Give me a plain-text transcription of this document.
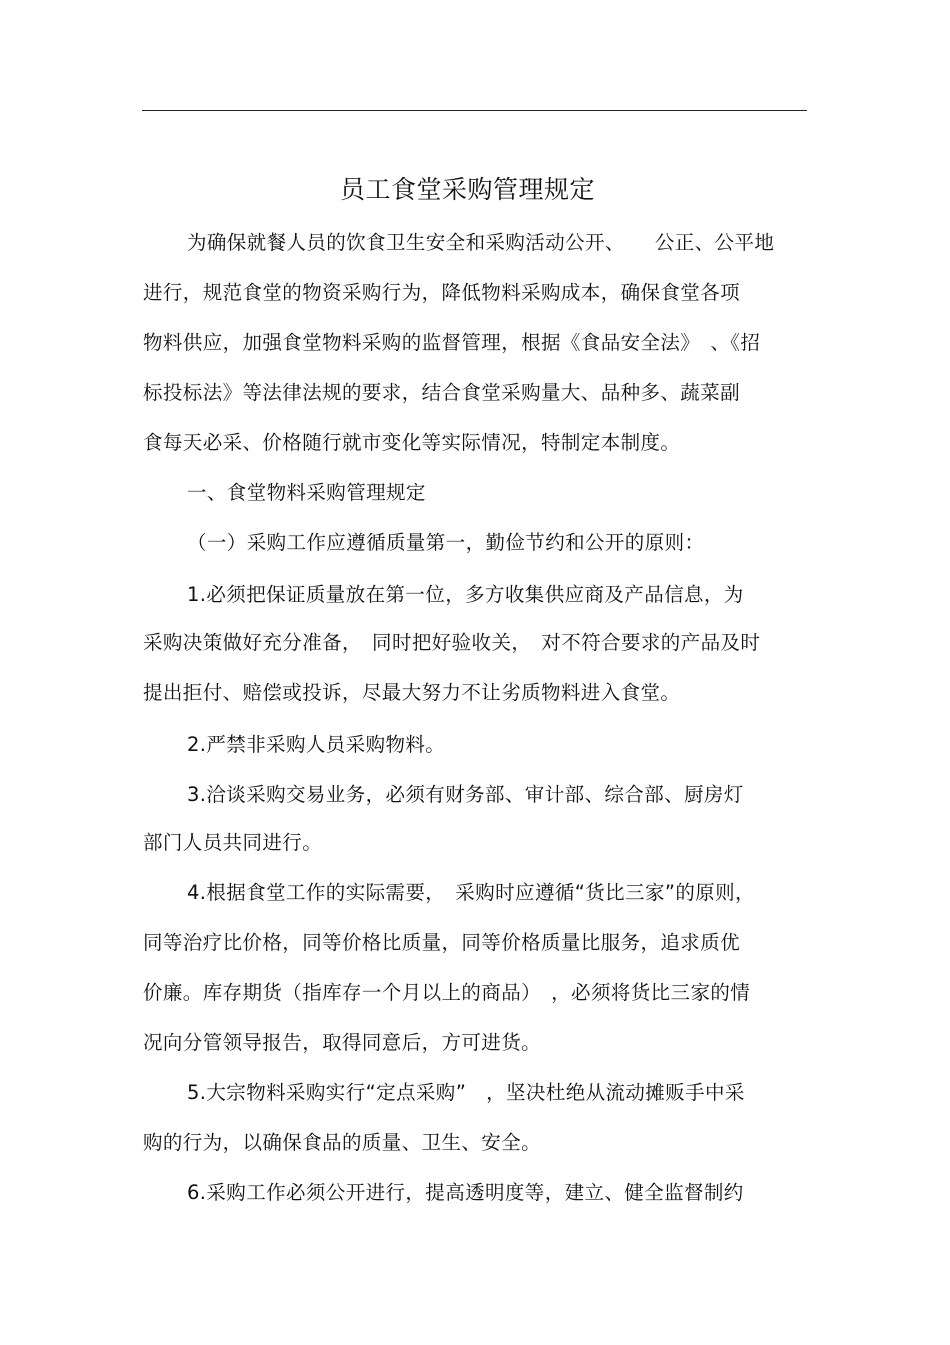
员工食堂采购管理规定
为确保就餐人员的饮食卫生安全和采购活动公开、　　公正、公平地
进行，规范食堂的物资采购行为，降低物料采购成本，确保食堂各项
物料供应，加强食堂物料采购的监督管理，根据《食品安全法》　、《招
标投标法》等法律法规的要求，结合食堂采购量大、品种多、蔬菜副
食每天必采、价格随行就市变化等实际情况，特制定本制度。
一、食堂物料采购管理规定
（一）采购工作应遵循质量第一，勤俭节约和公开的原则：
1.必须把保证质量放在第一位，多方收集供应商及产品信息，为
采购决策做好充分准备，　同时把好验收关，　对不符合要求的产品及时
提出拒付、赔偿或投诉，尽最大努力不让劣质物料进入食堂。
2.严禁非采购人员采购物料。
3.洽谈采购交易业务，必须有财务部、审计部、综合部、厨房灯
部门人员共同进行。
4.根据食堂工作的实际需要，　采购时应遵循“货比三家”的原则，
同等治疗比价格，同等价格比质量，同等价格质量比服务，追求质优
价廉。库存期货（指库存一个月以上的商品）　，必须将货比三家的情
况向分管领导报告，取得同意后，方可进货。
5.大宗物料采购实行“定点采购”　，坚决杜绝从流动摊贩手中采
购的行为，以确保食品的质量、卫生、安全。
6.采购工作必须公开进行，提高透明度等，建立、健全监督制约
